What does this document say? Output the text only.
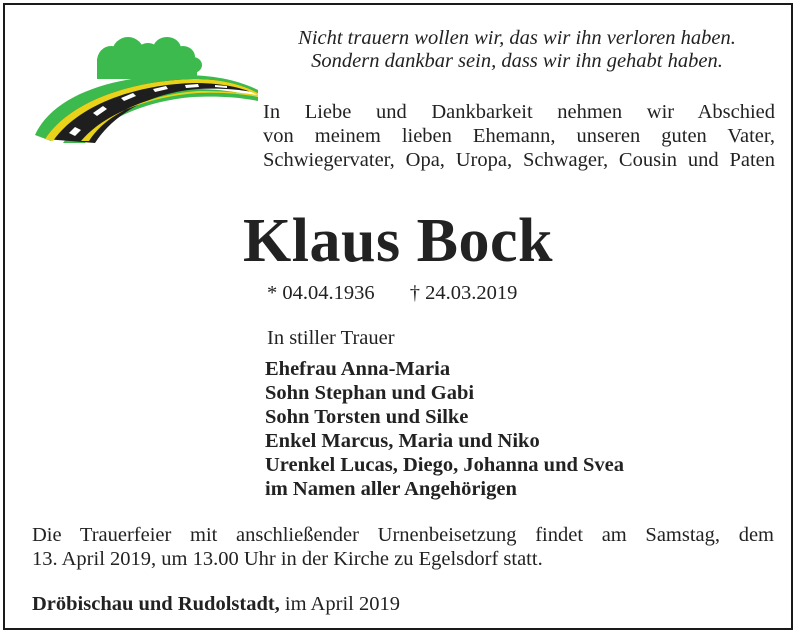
Nicht trauern wollen wir, das wir ihn verloren haben.
Sondern dankbar sein, dass wir ihn gehabt haben.
In Liebe und Dankbarkeit nehmen wir Abschied
von meinem lieben Ehemann, unseren guten Vater,
Schwiegervater, Opa, Uropa, Schwager, Cousin und Paten
Klaus Bock
* 04.04.1936 † 24.03.2019
In stiller Trauer
Ehefrau Anna-Maria
Sohn Stephan und Gabi
Sohn Torsten und Silke
Enkel Marcus, Maria und Niko
Urenkel Lucas, Diego, Johanna und Svea
im Namen aller Angehörigen
Die Trauerfeier mit anschließender Urnenbeisetzung findet am Samstag, dem
13. April 2019, um 13.00 Uhr in der Kirche zu Egelsdorf statt.
Dröbischau und Rudolstadt, im April 2019
